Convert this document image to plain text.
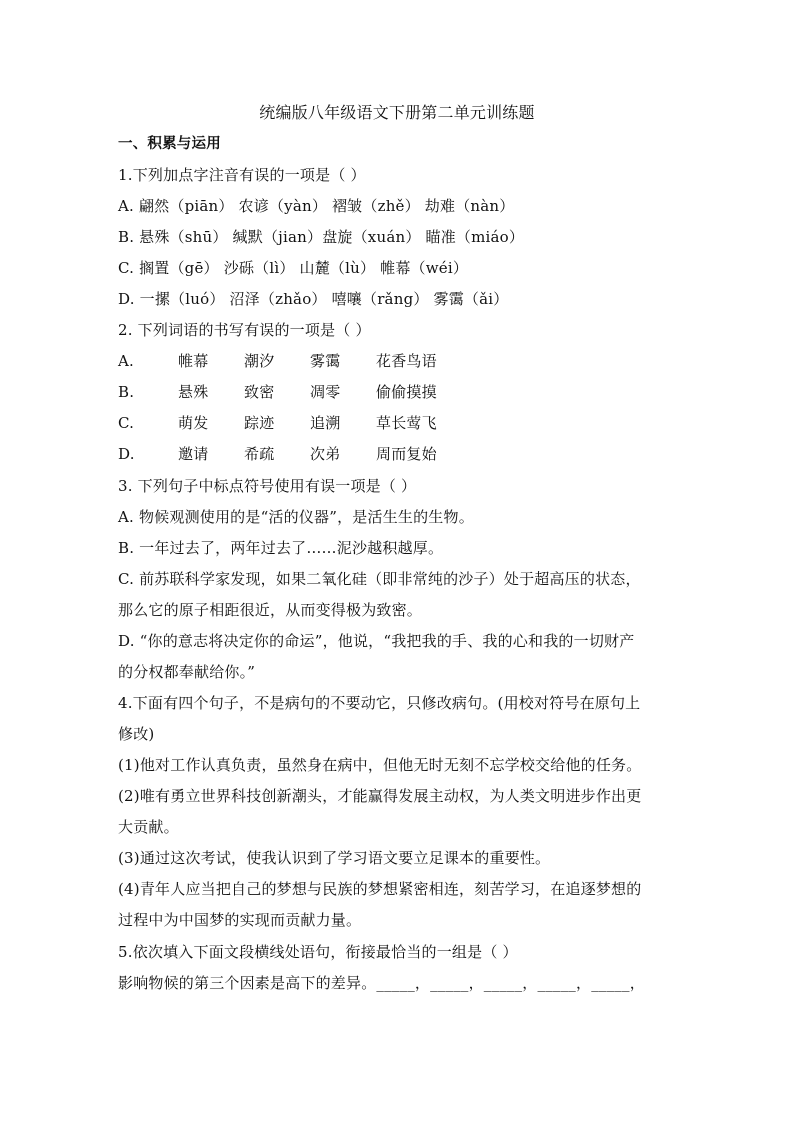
统编版八年级语文下册第二单元训练题
一、积累与运用
1.下列加点字注音有误的一项是（ ）
A. 翩然（piān） 农谚（yàn） 褶皱（zhě） 劫难（nàn）
B. 悬殊（shū） 缄默（jian）盘旋（xuán） 瞄准（miáo）
C. 搁置（gē） 沙砾（lì） 山麓（lù） 帷幕（wéi）
D. 一摞（luó） 沼泽（zhǎo） 嘻嚷（rǎng） 雾霭（ǎi）
2. 下列词语的书写有误的一项是（ ）
A.	帷幕 潮汐 雾霭 花香鸟语
B.	悬殊 致密 凋零 偷偷摸摸
C.	萌发 踪迹 追溯 草长莺飞
D.	邀请 希疏 次弟 周而复始
3. 下列句子中标点符号使用有误一项是（ ）
A. 物候观测使用的是“活的仪器”，是活生生的生物。
B. 一年过去了，两年过去了……泥沙越积越厚。
C. 前苏联科学家发现，如果二氧化硅（即非常纯的沙子）处于超高压的状态，
那么它的原子相距很近，从而变得极为致密。
D. “你的意志将决定你的命运”，他说，“我把我的手、我的心和我的一切财产
的分权都奉献给你。”
4.下面有四个句子，不是病句的不要动它，只修改病句。(用校对符号在原句上
修改)
(1)他对工作认真负责，虽然身在病中，但他无时无刻不忘学校交给他的任务。
(2)唯有勇立世界科技创新潮头，才能赢得发展主动权，为人类文明进步作出更
大贡献。
(3)通过这次考试，使我认识到了学习语文要立足课本的重要性。
(4)青年人应当把自己的梦想与民族的梦想紧密相连，刻苦学习，在追逐梦想的
过程中为中国梦的实现而贡献力量。
5.依次填入下面文段横线处语句，衔接最恰当的一组是（ ）
影响物候的第三个因素是高下的差异。_____，_____，_____，_____，_____，
